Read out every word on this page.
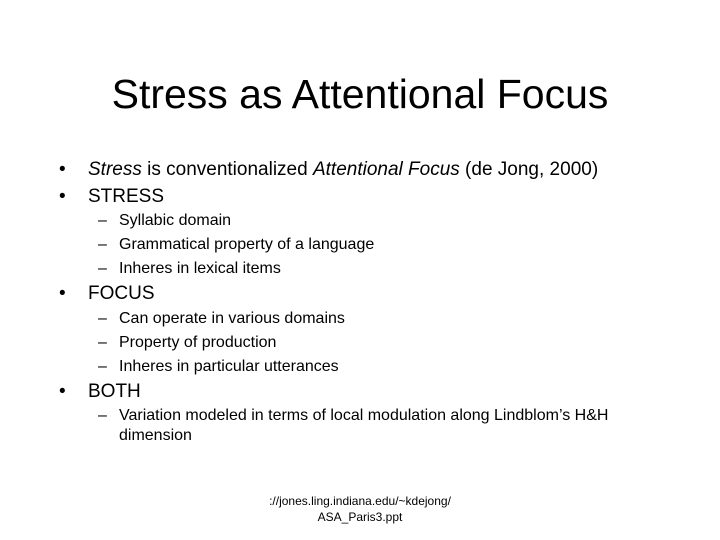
Stress as Attentional Focus
• Stress is conventionalized Attentional Focus (de Jong, 2000)
• STRESS
– Syllabic domain
– Grammatical property of a language
– Inheres in lexical items
• FOCUS
– Can operate in various domains
– Property of production
– Inheres in particular utterances
• BOTH
– Variation modeled in terms of local modulation along Lindblom’s H&H dimension
://jones.ling.indiana.edu/~kdejong/
ASA_Paris3.ppt
